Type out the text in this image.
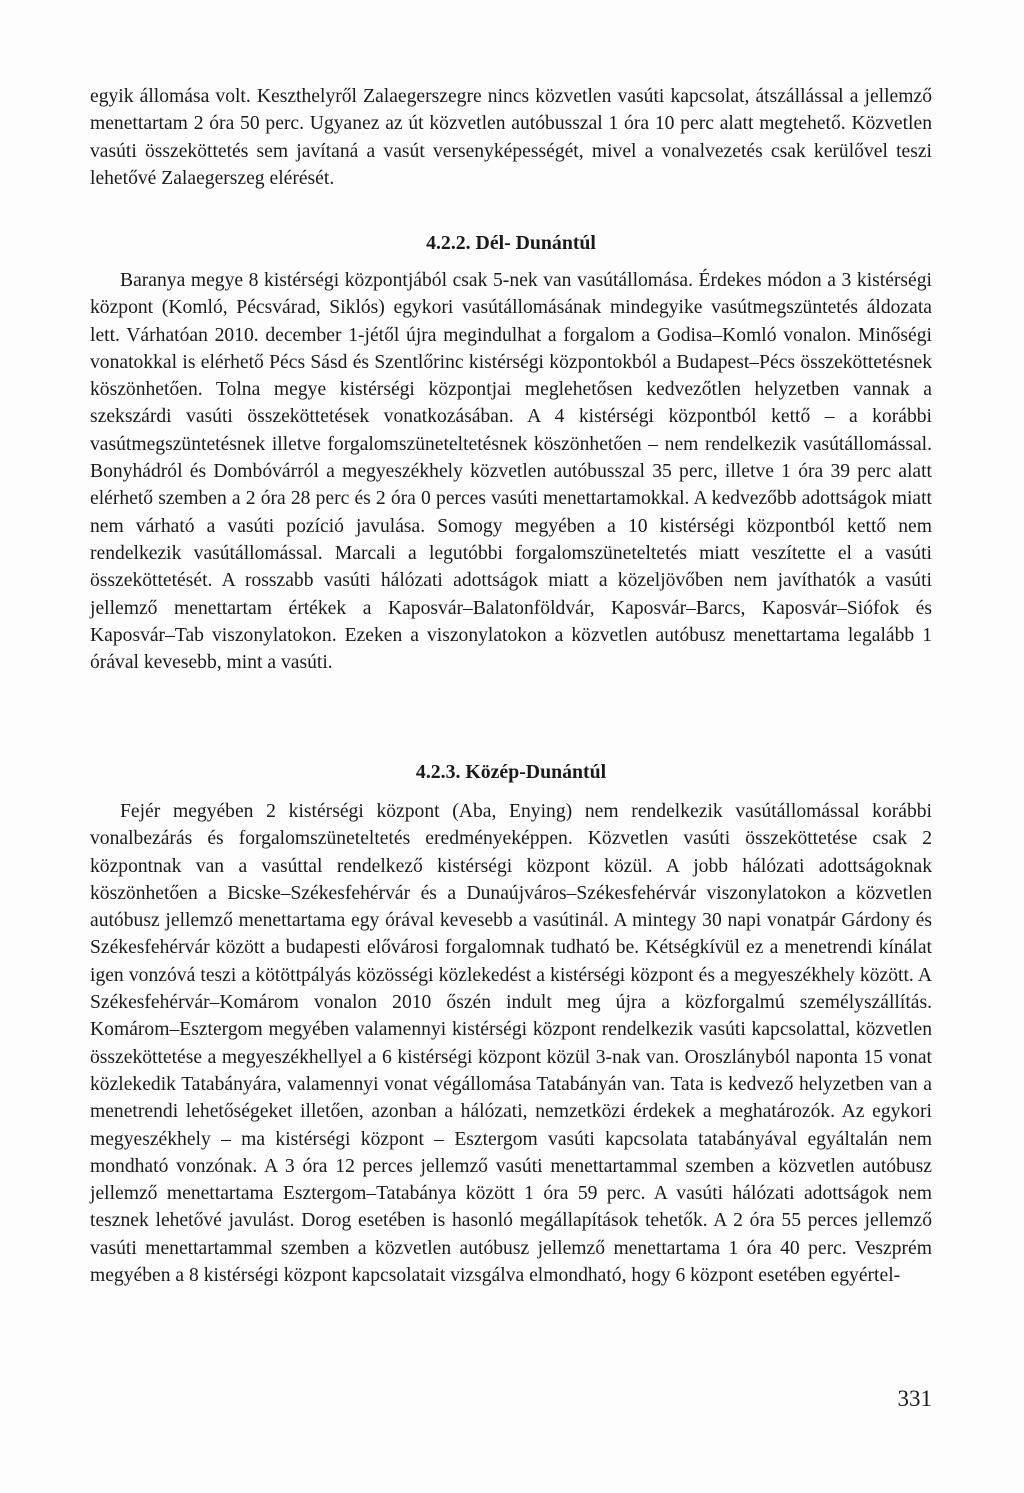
egyik állomása volt. Keszthelyről Zalaegerszegre nincs közvetlen vasúti kapcsolat, átszállással a jellemző menettartam 2 óra 50 perc. Ugyanez az út közvetlen autóbusszal 1 óra 10 perc alatt megtehető. Közvetlen vasúti összeköttetés sem javítaná a vasút versenyképességét, mivel a vonalvezetés csak kerülővel teszi lehetővé Zalaegerszeg elérését.

4.2.2. Dél- Dunántúl

Baranya megye 8 kistérségi központjából csak 5-nek van vasútállomása. Érdekes módon a 3 kistérségi központ (Komló, Pécsvárad, Siklós) egykori vasútállomásának mindegyike vasútmegszüntetés áldozata lett. Várhatóan 2010. december 1-jétől újra megindulhat a forgalom a Godisa–Komló vonalon. Minőségi vonatokkal is elérhető Pécs Sásd és Szentlőrinc kistérségi központokból a Budapest–Pécs összeköttetésnek köszönhetően. Tolna megye kistérségi központjai meglehetősen kedvezőtlen helyzetben vannak a szekszárdi vasúti összeköttetések vonatkozásában. A 4 kistérségi központból kettő – a korábbi vasútmegszüntetésnek illetve forgalomszüneteltetésnek köszönhetően – nem rendelkezik vasútállomással. Bonyhádról és Dombóvárról a megyeszékhely közvetlen autóbusszal 35 perc, illetve 1 óra 39 perc alatt elérhető szemben a 2 óra 28 perc és 2 óra 0 perces vasúti menettartamokkal. A kedvezőbb adottságok miatt nem várható a vasúti pozíció javulása. Somogy megyében a 10 kistérségi központból kettő nem rendelkezik vasútállomással. Marcali a legutóbbi forgalomszüneteltetés miatt veszítette el a vasúti összeköttetését. A rosszabb vasúti hálózati adottságok miatt a közeljövőben nem javíthatók a vasúti jellemző menettartam értékek a Kaposvár–Balatonföldvár, Kaposvár–Barcs, Kaposvár–Siófok és Kaposvár–Tab viszonylatokon. Ezeken a viszonylatokon a közvetlen autóbusz menettartama legalább 1 órával kevesebb, mint a vasúti.

4.2.3. Közép-Dunántúl

Fejér megyében 2 kistérségi központ (Aba, Enying) nem rendelkezik vasútállomással korábbi vonalbezárás és forgalomszüneteltetés eredményeképpen. Közvetlen vasúti összeköttetése csak 2 központnak van a vasúttal rendelkező kistérségi központ közül. A jobb hálózati adottságoknak köszönhetően a Bicske–Székesfehérvár és a Dunaújváros–Székesfehérvár viszonylatokon a közvetlen autóbusz jellemző menettartama egy órával kevesebb a vasútinál. A mintegy 30 napi vonatpár Gárdony és Székesfehérvár között a budapesti elővárosi forgalomnak tudható be. Kétségkívül ez a menetrendi kínálat igen vonzóvá teszi a kötöttpályás közösségi közlekedést a kistérségi központ és a megyeszékhely között. A Székesfehérvár–Komárom vonalon 2010 őszén indult meg újra a közforgalmú személyszállítás. Komárom–Esztergom megyében valamennyi kistérségi központ rendelkezik vasúti kapcsolattal, közvetlen összeköttetése a megyeszékhellyel a 6 kistérségi központ közül 3-nak van. Oroszlányból naponta 15 vonat közlekedik Tatabányára, valamennyi vonat végállomása Tatabányán van. Tata is kedvező helyzetben van a menetrendi lehetőségeket illetően, azonban a hálózati, nemzetközi érdekek a meghatározók. Az egykori megyeszékhely – ma kistérségi központ – Esztergom vasúti kapcsolata tatabányával egyáltalán nem mondható vonzónak. A 3 óra 12 perces jellemző vasúti menettartammal szemben a közvetlen autóbusz jellemző menettartama Esztergom–Tatabánya között 1 óra 59 perc. A vasúti hálózati adottságok nem tesznek lehetővé javulást. Dorog esetében is hasonló megállapítások tehetők. A 2 óra 55 perces jellemző vasúti menettartammal szemben a közvetlen autóbusz jellemző menettartama 1 óra 40 perc. Veszprém megyében a 8 kistérségi központ kapcsolatait vizsgálva elmondható, hogy 6 központ esetében egyértel-

331
